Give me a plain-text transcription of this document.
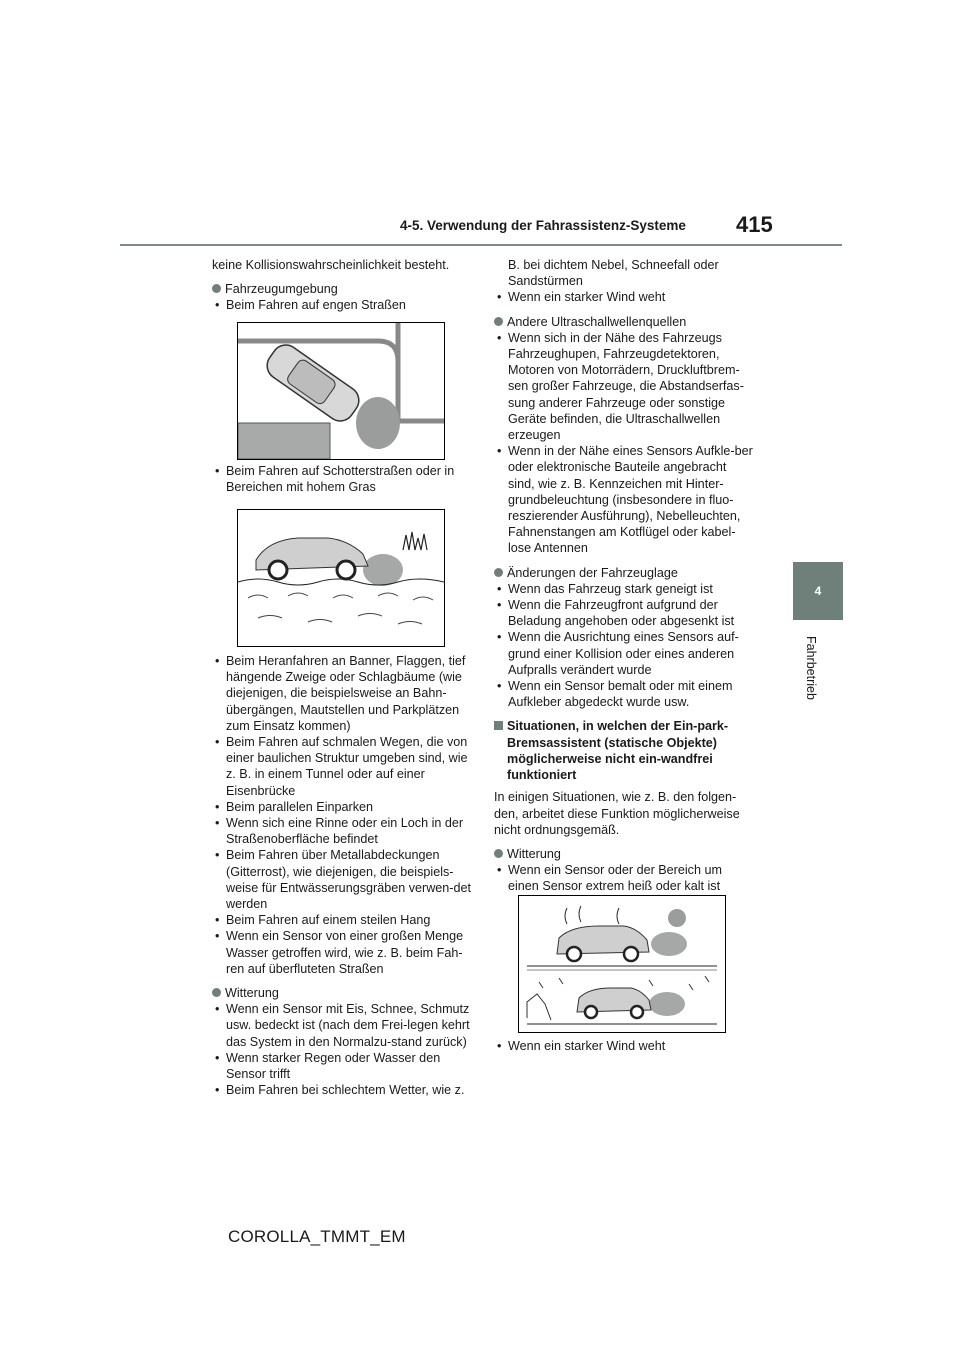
4-5. Verwendung der Fahrassistenz-Systeme 415
4
Fahrbetrieb

keine Kollisionswahrscheinlichkeit besteht.

Fahrzeugumgebung

• Beim Fahren auf engen Straßen
• Beim Fahren auf Schotterstraßen oder in Bereichen mit hohem Gras
• Beim Heranfahren an Banner, Flaggen, tief hängende Zweige oder Schlagbäume (wie diejenigen, die beispielsweise an Bahn-übergängen, Mautstellen und Parkplätzen zum Einsatz kommen)
• Beim Fahren auf schmalen Wegen, die von einer baulichen Struktur umgeben sind, wie z. B. in einem Tunnel oder auf einer Eisenbrücke
• Beim parallelen Einparken
• Wenn sich eine Rinne oder ein Loch in der Straßenoberfläche befindet
• Beim Fahren über Metallabdeckungen (Gitterrost), wie diejenigen, die beispiels-weise für Entwässerungsgräben verwen-det werden
• Beim Fahren auf einem steilen Hang
• Wenn ein Sensor von einer großen Menge Wasser getroffen wird, wie z. B. beim Fah-ren auf überfluteten Straßen

Witterung

• Wenn ein Sensor mit Eis, Schnee, Schmutz usw. bedeckt ist (nach dem Frei-legen kehrt das System in den Normalzu-stand zurück)
• Wenn starker Regen oder Wasser den Sensor trifft
• Beim Fahren bei schlechtem Wetter, wie z.

B. bei dichtem Nebel, Schneefall oder Sandstürmen

• Wenn ein starker Wind weht

Andere Ultraschallwellenquellen

• Wenn sich in der Nähe des Fahrzeugs Fahrzeughupen, Fahrzeugdetektoren, Motoren von Motorrädern, Druckluftbrem-sen großer Fahrzeuge, die Abstandserfas-sung anderer Fahrzeuge oder sonstige Geräte befinden, die Ultraschallwellen erzeugen
• Wenn in der Nähe eines Sensors Aufkle-ber oder elektronische Bauteile angebracht sind, wie z. B. Kennzeichen mit Hinter-grundbeleuchtung (insbesondere in fluo-reszierender Ausführung), Nebelleuchten, Fahnenstangen am Kotflügel oder kabel-lose Antennen

Änderungen der Fahrzeuglage

• Wenn das Fahrzeug stark geneigt ist
• Wenn die Fahrzeugfront aufgrund der Beladung angehoben oder abgesenkt ist
• Wenn die Ausrichtung eines Sensors auf-grund einer Kollision oder eines anderen Aufpralls verändert wurde
• Wenn ein Sensor bemalt oder mit einem Aufkleber abgedeckt wurde usw.

Situationen, in welchen der Ein-park-Bremsassistent (statische Objekte) möglicherweise nicht ein-wandfrei funktioniert

In einigen Situationen, wie z. B. den folgen-den, arbeitet diese Funktion möglicherweise nicht ordnungsgemäß.

Witterung

• Wenn ein Sensor oder der Bereich um einen Sensor extrem heiß oder kalt ist
• Wenn ein starker Wind weht
COROLLA_TMMT_EM
